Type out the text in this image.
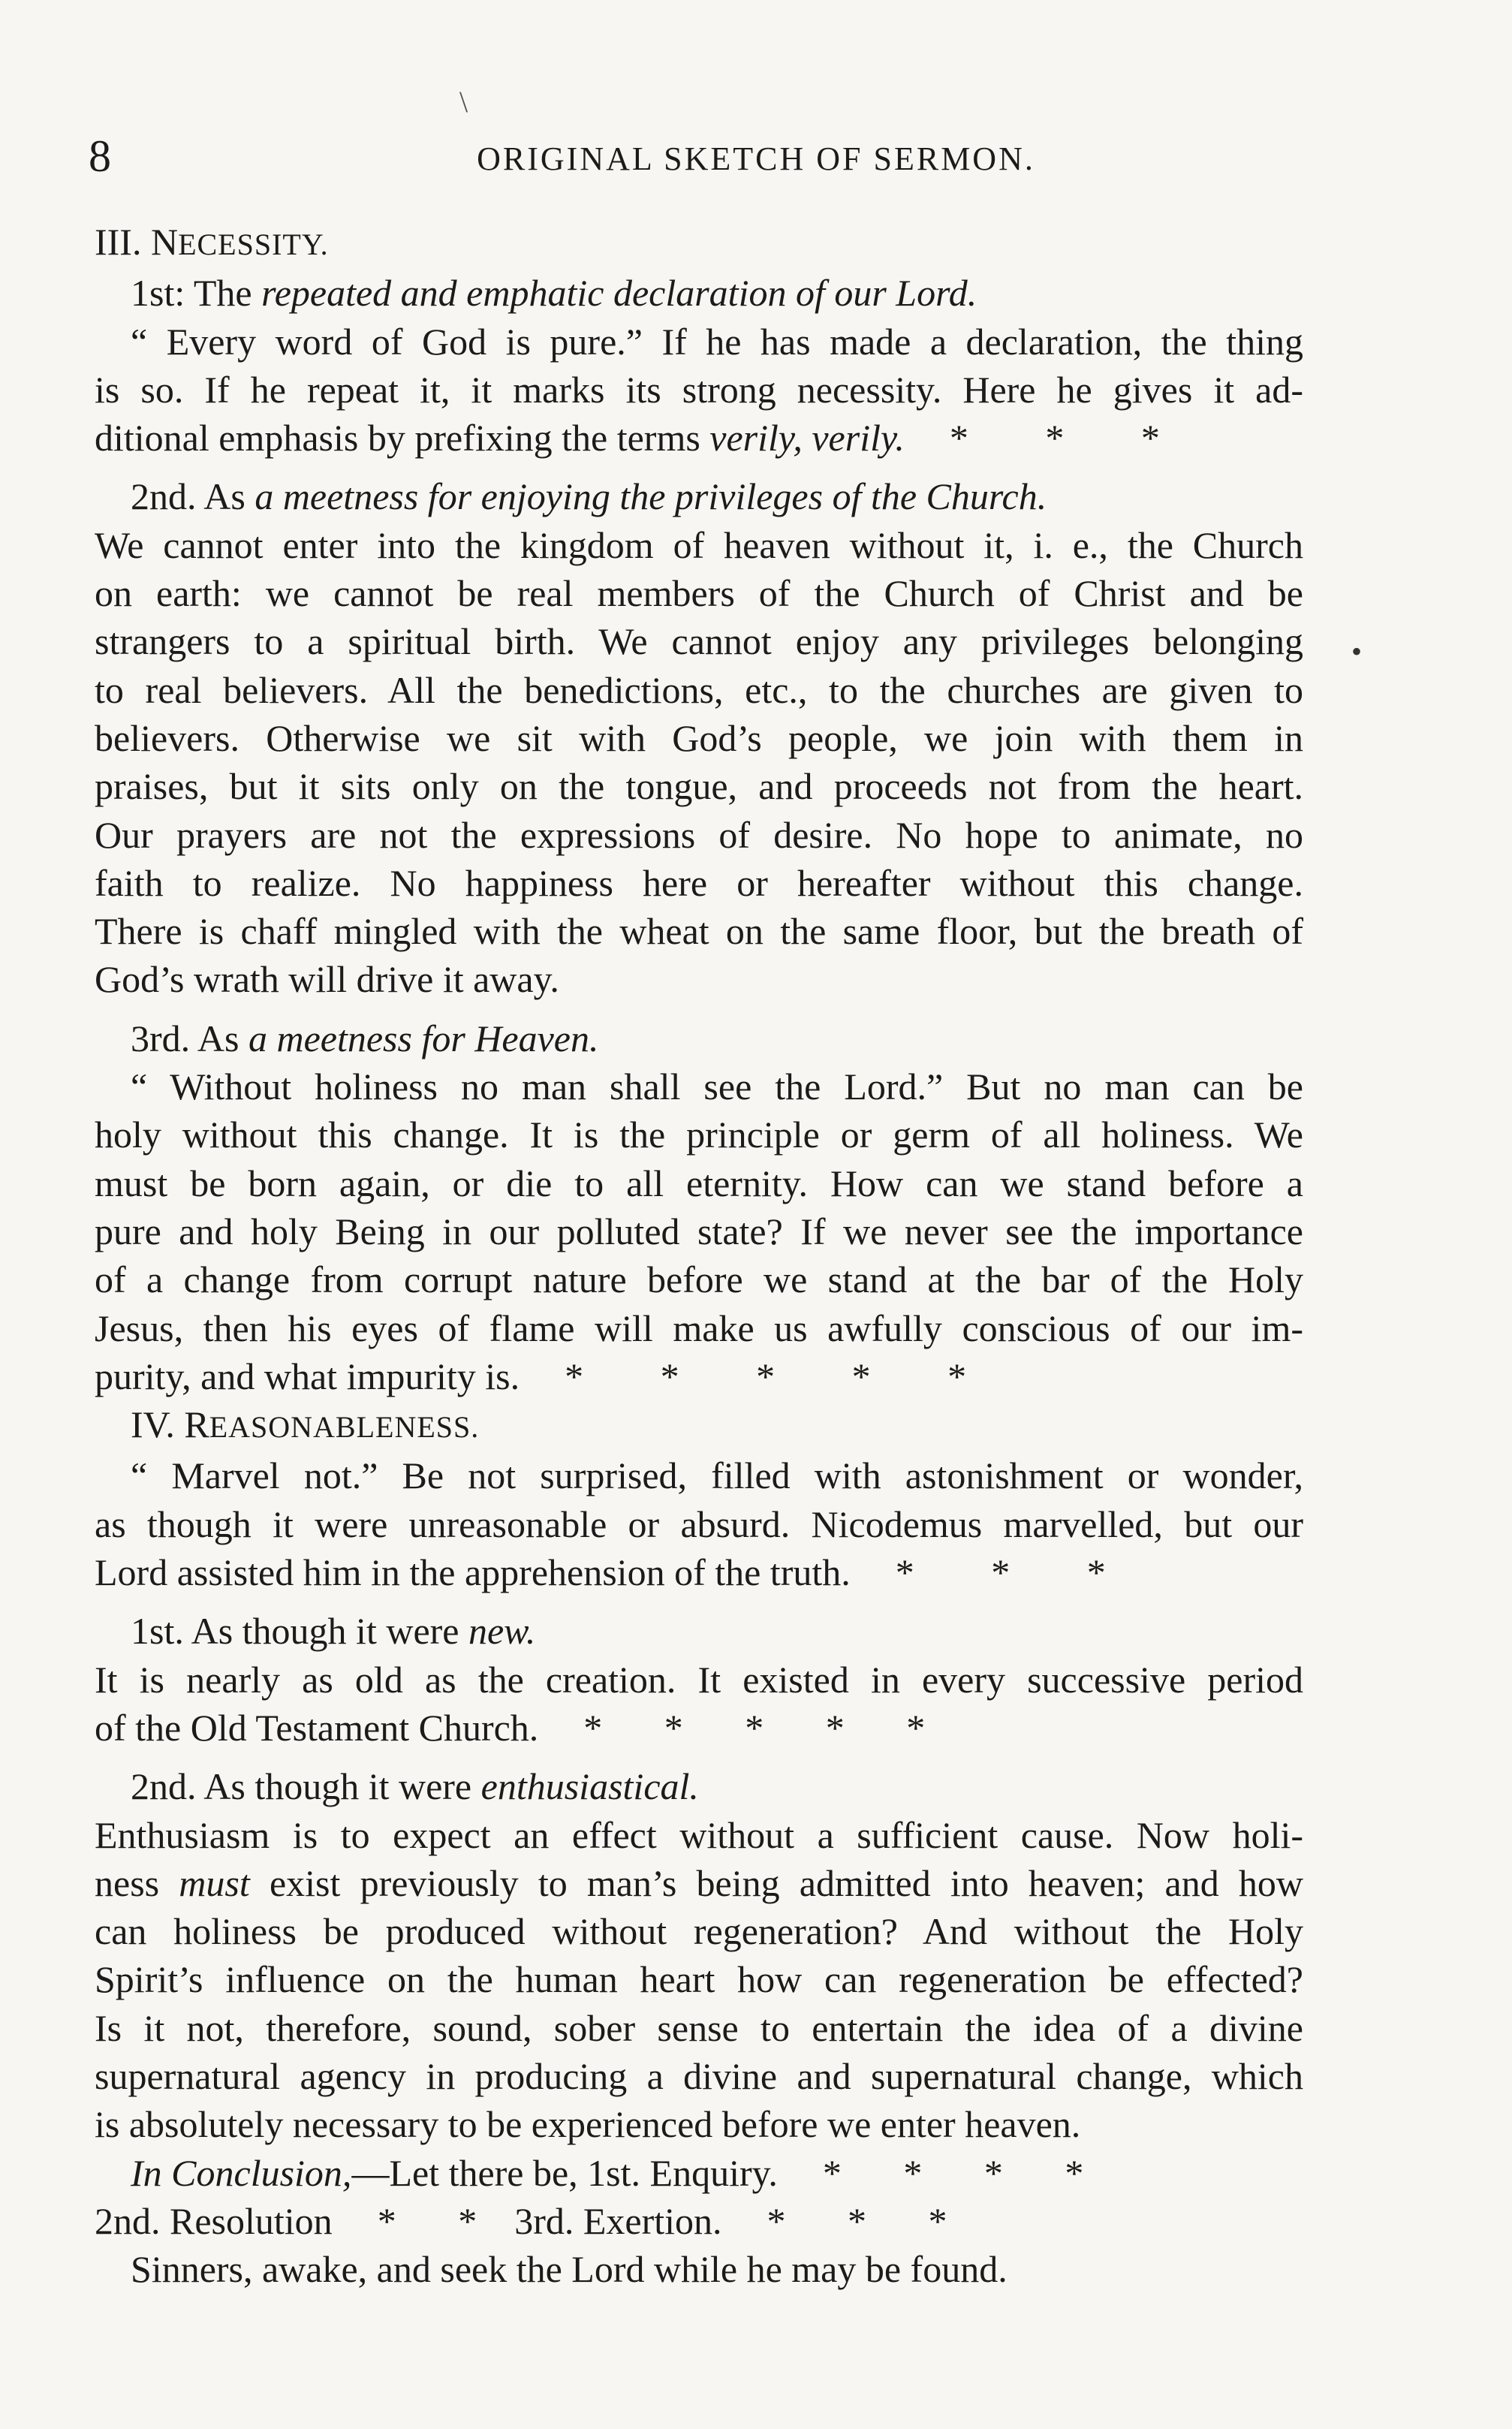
\
8	ORIGINAL SKETCH OF SERMON.
•
III. NECESSITY.
1st: The repeated and emphatic declaration of our Lord.
“ Every word of God is pure.” If he has made a declaration, the thing
is so. If he repeat it, it marks its strong necessity. Here he gives it ad-
ditional emphasis by prefixing the terms verily, verily. * * *
2nd. As a meetness for enjoying the privileges of the Church.
We cannot enter into the kingdom of heaven without it, i. e., the Church
on earth: we cannot be real members of the Church of Christ and be
strangers to a spiritual birth. We cannot enjoy any privileges belonging
to real believers. All the benedictions, etc., to the churches are given to
believers. Otherwise we sit with God’s people, we join with them in
praises, but it sits only on the tongue, and proceeds not from the heart.
Our prayers are not the expressions of desire. No hope to animate, no
faith to realize. No happiness here or hereafter without this change.
There is chaff mingled with the wheat on the same floor, but the breath of
God’s wrath will drive it away.
3rd. As a meetness for Heaven.
“ Without holiness no man shall see the Lord.” But no man can be
holy without this change. It is the principle or germ of all holiness. We
must be born again, or die to all eternity. How can we stand before a
pure and holy Being in our polluted state? If we never see the importance
of a change from corrupt nature before we stand at the bar of the Holy
Jesus, then his eyes of flame will make us awfully conscious of our im-
purity, and what impurity is. * * * * *
IV. REASONABLENESS.
“ Marvel not.” Be not surprised, filled with astonishment or wonder,
as though it were unreasonable or absurd. Nicodemus marvelled, but our
Lord assisted him in the apprehension of the truth. * * *
1st. As though it were new.
It is nearly as old as the creation. It existed in every successive period
of the Old Testament Church. * * * * *
2nd. As though it were enthusiastical.
Enthusiasm is to expect an effect without a sufficient cause. Now holi-
ness must exist previously to man’s being admitted into heaven; and how
can holiness be produced without regeneration? And without the Holy
Spirit’s influence on the human heart how can regeneration be effected?
Is it not, therefore, sound, sober sense to entertain the idea of a divine
supernatural agency in producing a divine and supernatural change, which
is absolutely necessary to be experienced before we enter heaven.
In Conclusion,—Let there be, 1st. Enquiry. * * * *
2nd. Resolution * * 3rd. Exertion. * * *
Sinners, awake, and seek the Lord while he may be found.
